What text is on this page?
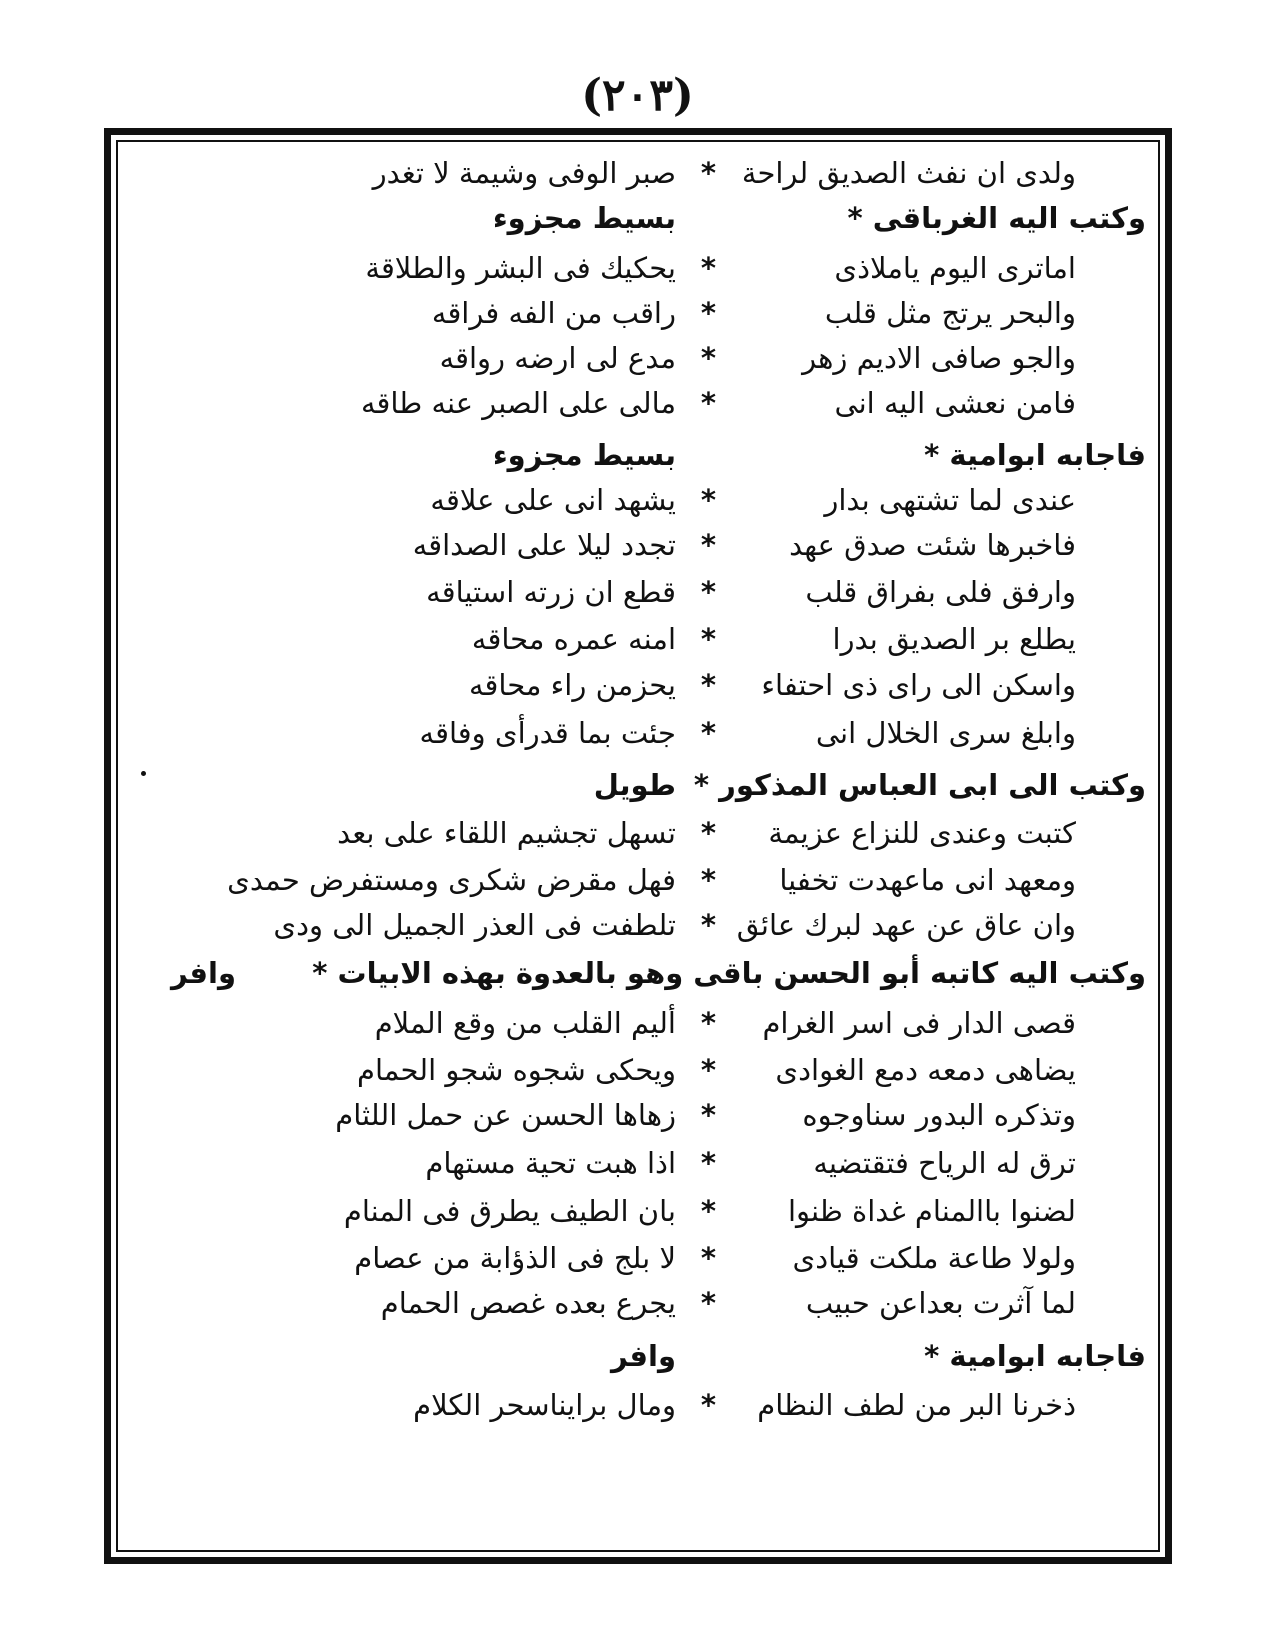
(٢٠٣)
ولدى ان نفث الصديق لراحة
*
صبر الوفى وشيمة لا تغدر
وكتب اليه الغرباقى *
بسيط مجزوء
اماترى اليوم ياملاذى
*
يحكيك فى البشر والطلاقة
والبحر يرتج مثل قلب
*
راقب من الفه فراقه
والجو صافى الاديم زهر
*
مدع لى ارضه رواقه
فامن نعشى اليه انى
*
مالى على الصبر عنه طاقه
فاجابه ابوامية *
بسيط مجزوء
عندى لما تشتهى بدار
*
يشهد انى على علاقه
فاخبرها شئت صدق عهد
*
تجدد ليلا على الصداقه
وارفق فلى بفراق قلب
*
قطع ان زرته استياقه
يطلع بر الصديق بدرا
*
امنه عمره محاقه
واسكن الى راى ذى احتفاء
*
يحزمن راء محاقه
وابلغ سرى الخلال انى
*
جئت بما قدرأى وفاقه
وكتب الى ابى العباس المذكور *
طويل
كتبت وعندى للنزاع عزيمة
*
تسهل تجشيم اللقاء على بعد
ومعهد انى ماعهدت تخفيا
*
فهل مقرض شكرى ومستفرض حمدى
وان عاق عن عهد لبرك عائق
*
تلطفت فى العذر الجميل الى ودى
وكتب اليه كاتبه أبو الحسن باقى وهو بالعدوة بهذه الابيات *
وافر
قصى الدار فى اسر الغرام
*
أليم القلب من وقع الملام
يضاهى دمعه دمع الغوادى
*
ويحكى شجوه شجو الحمام
وتذكره البدور سناوجوه
*
زهاها الحسن عن حمل اللثام
ترق له الرياح فتقتضيه
*
اذا هبت تحية مستهام
لضنوا باالمنام غداة ظنوا
*
بان الطيف يطرق فى المنام
ولولا طاعة ملكت قيادى
*
لا بلج فى الذؤابة من عصام
لما آثرت بعداعن حبيب
*
يجرع بعده غصص الحمام
فاجابه ابوامية *
وافر
ذخرنا البر من لطف النظام
*
ومال برايناسحر الكلام
